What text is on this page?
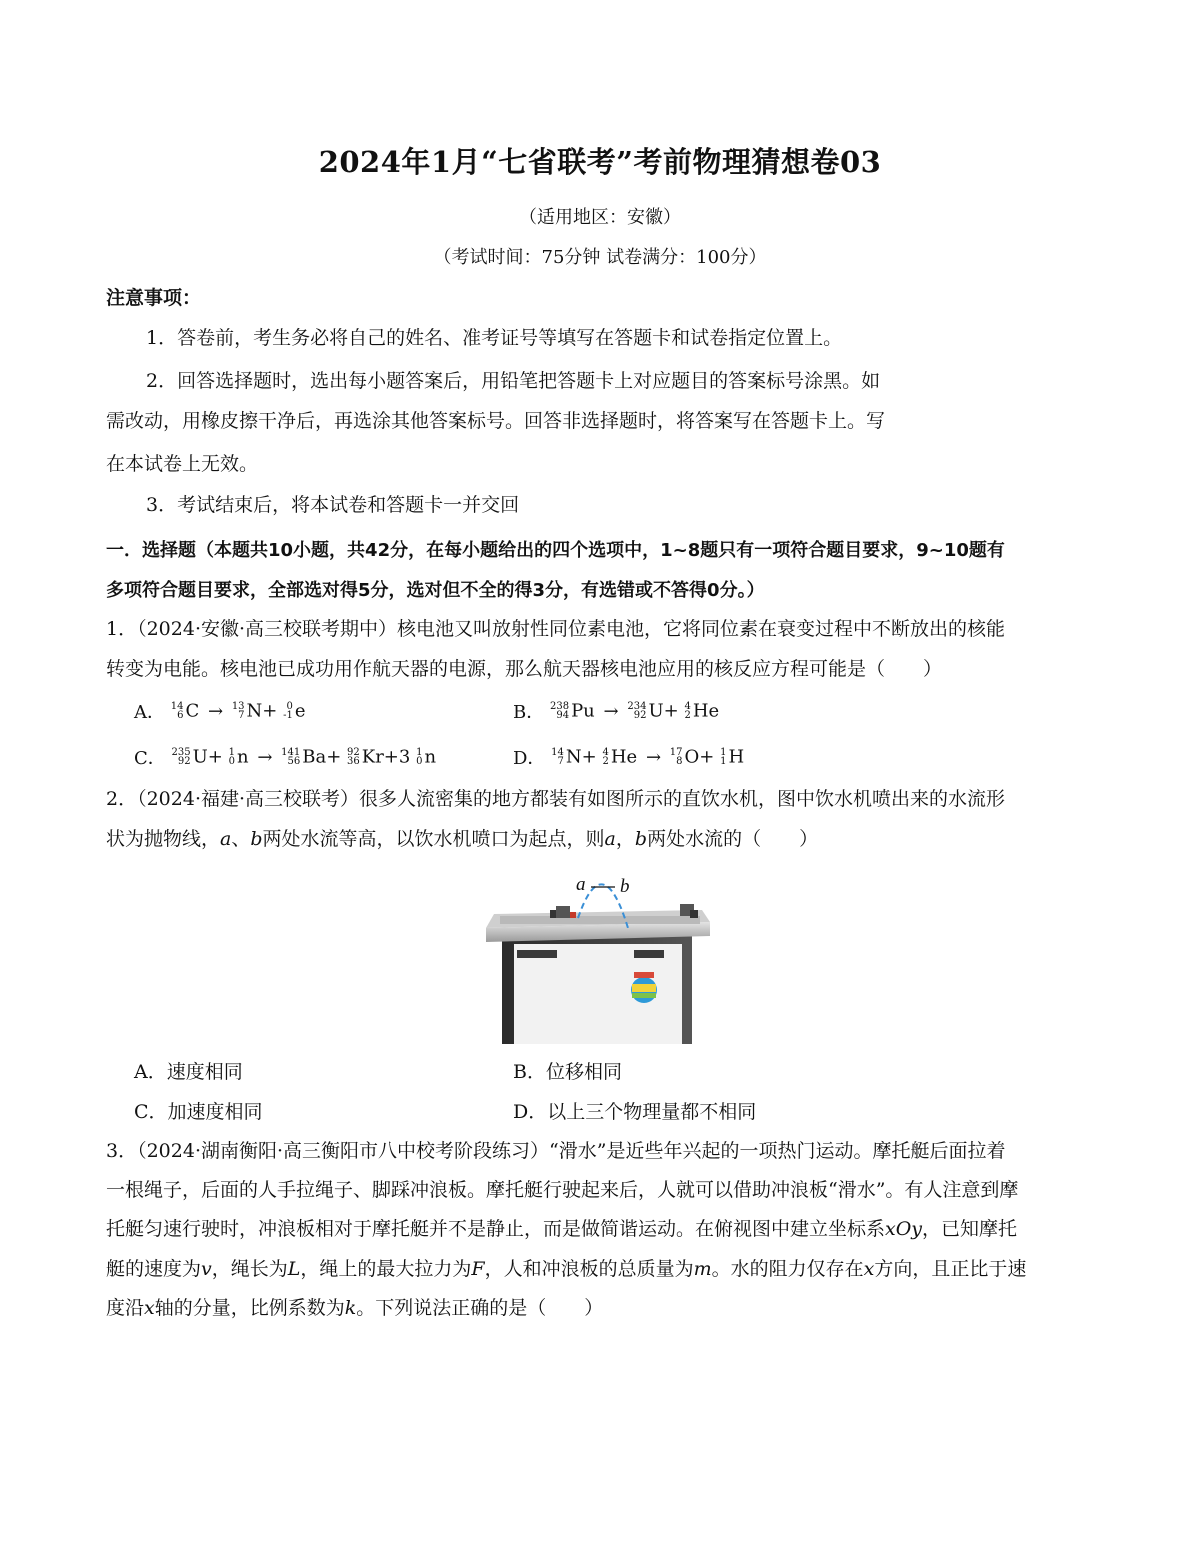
2024年1月“七省联考”考前物理猜想卷03
（适用地区：安徽）
（考试时间：75分钟 试卷满分：100分）
注意事项：
1．答卷前，考生务必将自己的姓名、准考证号等填写在答题卡和试卷指定位置上。
2．回答选择题时，选出每小题答案后，用铅笔把答题卡上对应题目的答案标号涂黑。如
需改动，用橡皮擦干净后，再选涂其他答案标号。回答非选择题时，将答案写在答题卡上。写
在本试卷上无效。
3．考试结束后，将本试卷和答题卡一并交回
一．选择题（本题共10小题，共42分，在每小题给出的四个选项中，1~8题只有一项符合题目要求，9~10题有
多项符合题目要求，全部选对得5分，选对但不全的得3分，有选错或不答得0分。）
1．（2024·安徽·高三校联考期中）核电池又叫放射性同位素电池，它将同位素在衰变过程中不断放出的核能
转变为电能。核电池已成功用作航天器的电源，那么航天器核电池应用的核反应方程可能是（　　）
A． 14
6 C → 13
7 N+ 0
-1 e	B． 238
94 Pu → 234
92 U+ 4
2 He
C． 235
92 U+ 1
0 n → 141
56 Ba+ 92
36 Kr+3 1
0 n	D． 14
7 N+ 4
2 He → 17
8 O+ 1
1 H
2．（2024·福建·高三校联考）很多人流密集的地方都装有如图所示的直饮水机，图中饮水机喷出来的水流形
状为抛物线，a、b两处水流等高，以饮水机喷口为起点，则a，b两处水流的（　　）
a b
A．速度相同	B．位移相同
C．加速度相同	D．以上三个物理量都不相同
3．（2024·湖南衡阳·高三衡阳市八中校考阶段练习）“滑水”是近些年兴起的一项热门运动。摩托艇后面拉着
一根绳子，后面的人手拉绳子、脚踩冲浪板。摩托艇行驶起来后，人就可以借助冲浪板“滑水”。有人注意到摩
托艇匀速行驶时，冲浪板相对于摩托艇并不是静止，而是做简谐运动。在俯视图中建立坐标系xOy，已知摩托
艇的速度为v，绳长为L，绳上的最大拉力为F，人和冲浪板的总质量为m。水的阻力仅存在x方向，且正比于速
度沿x轴的分量，比例系数为k。下列说法正确的是（　　）
